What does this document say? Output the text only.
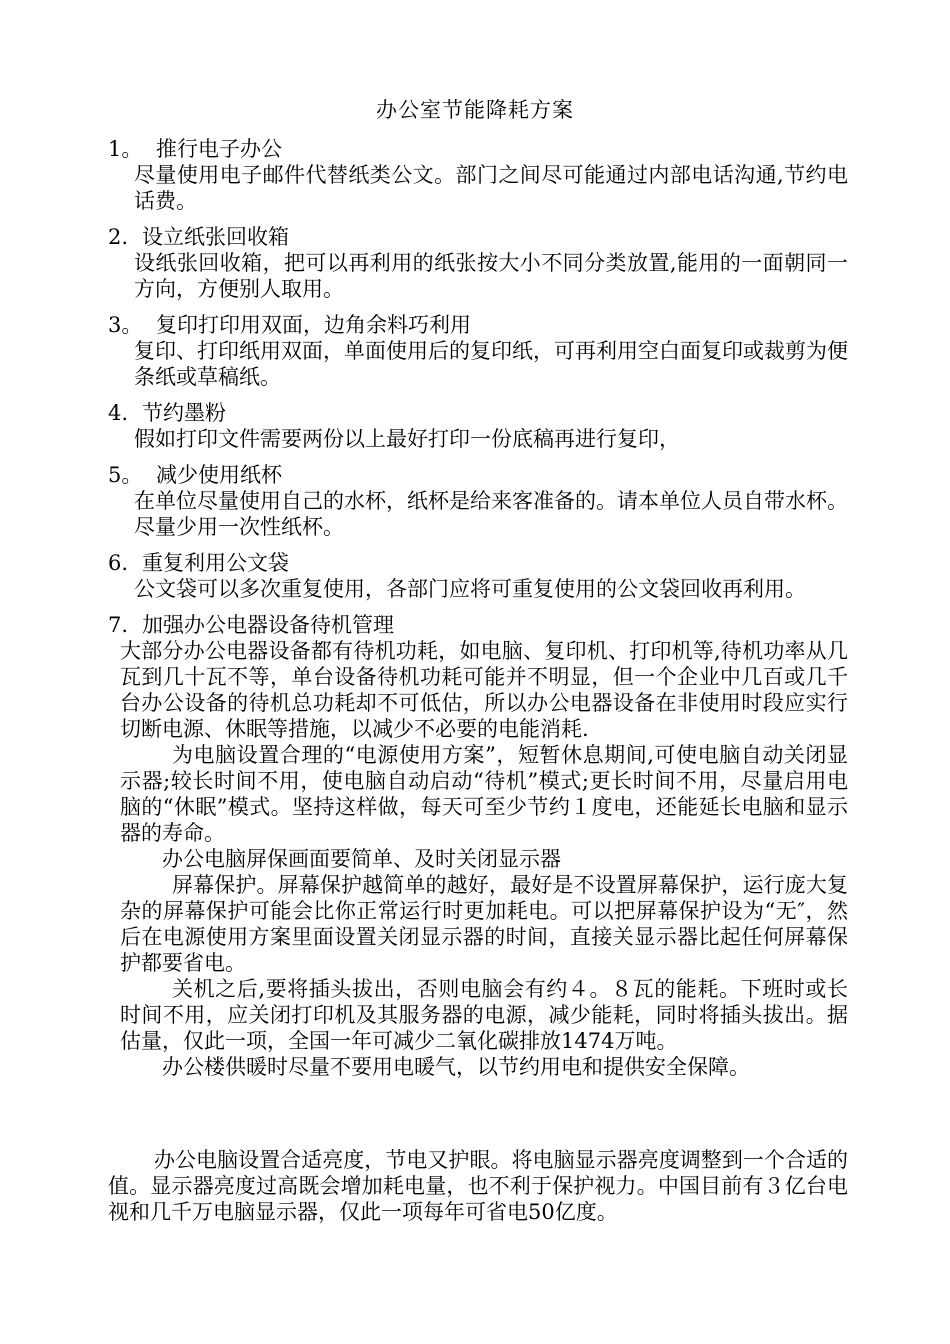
办公室节能降耗方案
1。 推行电子办公
尽量使用电子邮件代替纸类公文。部门之间尽可能通过内部电话沟通,节约电话费。
2. 设立纸张回收箱
设纸张回收箱，把可以再利用的纸张按大小不同分类放置,能用的一面朝同一方向，方便别人取用。
3。 复印打印用双面，边角余料巧利用
复印、打印纸用双面，单面使用后的复印纸，可再利用空白面复印或裁剪为便条纸或草稿纸。
4. 节约墨粉
假如打印文件需要两份以上最好打印一份底稿再进行复印，
5。 减少使用纸杯
在单位尽量使用自己的水杯，纸杯是给来客准备的。请本单位人员自带水杯。尽量少用一次性纸杯。
6. 重复利用公文袋
公文袋可以多次重复使用，各部门应将可重复使用的公文袋回收再利用。
7. 加强办公电器设备待机管理
大部分办公电器设备都有待机功耗，如电脑、复印机、打印机等,待机功率从几瓦到几十瓦不等，单台设备待机功耗可能并不明显，但一个企业中几百或几千台办公设备的待机总功耗却不可低估，所以办公电器设备在非使用时段应实行切断电源、休眠等措施，以减少不必要的电能消耗.
为电脑设置合理的“电源使用方案”，短暂休息期间,可使电脑自动关闭显示器;较长时间不用，使电脑自动启动“待机”模式;更长时间不用，尽量启用电脑的“休眠”模式。坚持这样做，每天可至少节约１度电，还能延长电脑和显示器的寿命。
办公电脑屏保画面要简单、及时关闭显示器
屏幕保护。屏幕保护越简单的越好，最好是不设置屏幕保护，运行庞大复杂的屏幕保护可能会比你正常运行时更加耗电。可以把屏幕保护设为“无″，然后在电源使用方案里面设置关闭显示器的时间，直接关显示器比起任何屏幕保护都要省电。
关机之后,要将插头拔出，否则电脑会有约４。８瓦的能耗。下班时或长时间不用，应关闭打印机及其服务器的电源，减少能耗，同时将插头拔出。据估量，仅此一项，全国一年可减少二氧化碳排放1474万吨。
办公楼供暖时尽量不要用电暖气，以节约用电和提供安全保障。
办公电脑设置合适亮度，节电又护眼。将电脑显示器亮度调整到一个合适的值。显示器亮度过高既会增加耗电量，也不利于保护视力。中国目前有３亿台电视和几千万电脑显示器，仅此一项每年可省电50亿度。
